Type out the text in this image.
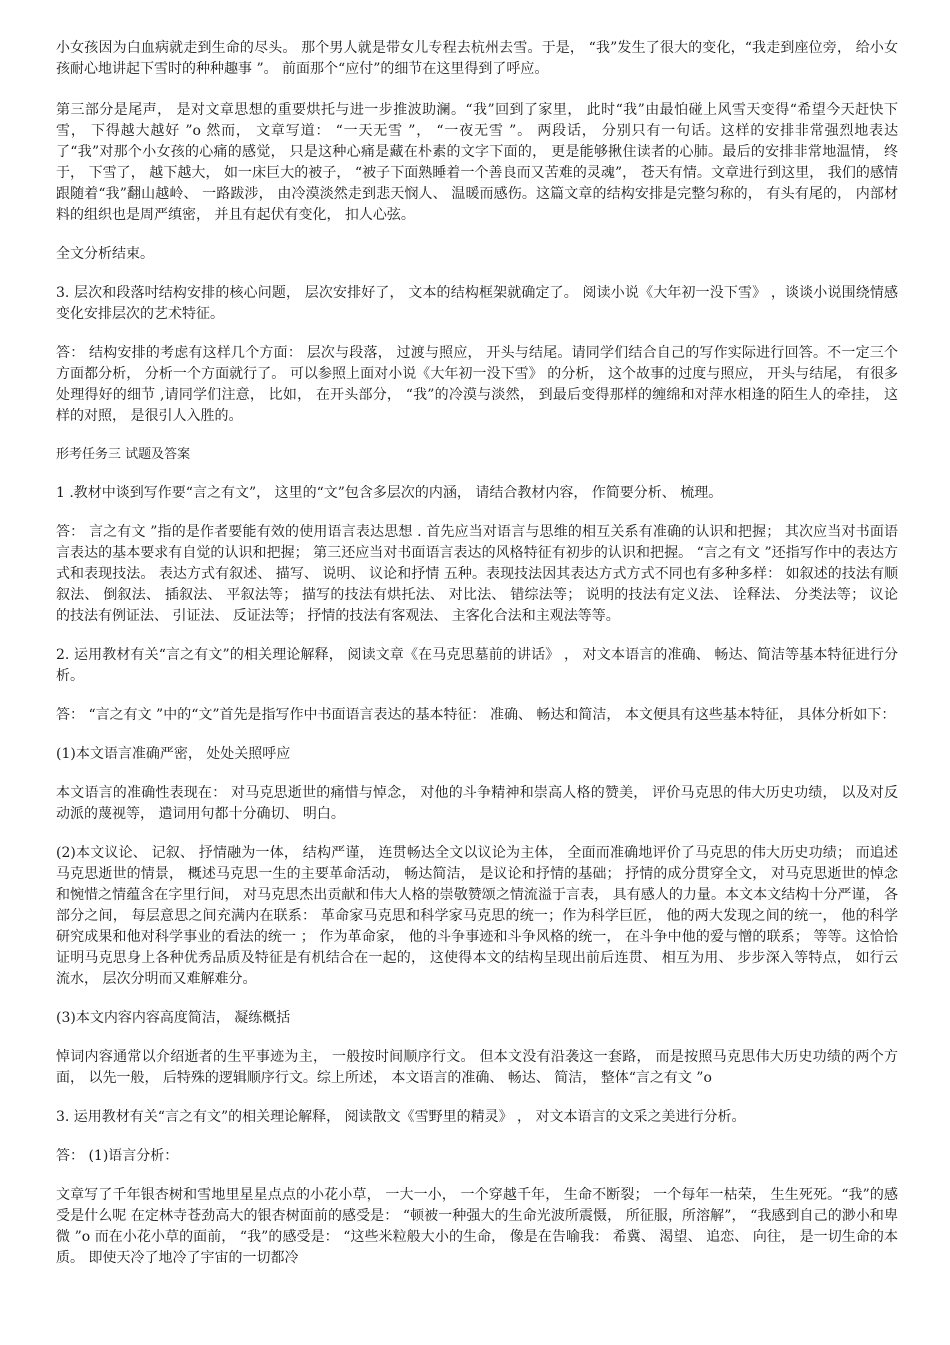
小女孩因为白血病就走到生命的尽头。 那个男人就是带女儿专程去杭州去雪。于是， “我”发生了很大的变化，“我走到座位旁， 给小女孩耐心地讲起下雪时的种种趣事 ”。 前面那个“应付”的细节在这里得到了呼应。

第三部分是尾声， 是对文章思想的重要烘托与进一步推波助澜。“我”回到了家里， 此时“我”由最怕碰上风雪天变得“希望今天赶快下雪， 下得越大越好 ”o 然而， 文章写道： “一天无雪 ”， “一夜无雪 ”。 两段话， 分别只有一句话。这样的安排非常强烈地表达了“我”对那个小女孩的心痛的感觉， 只是这种心痛是藏在朴素的文字下面的， 更是能够揪住读者的心肺。最后的安排非常地温情， 终于， 下雪了， 越下越大， 如一床巨大的被子， “被子下面熟睡着一个善良而又苦难的灵魂”， 苍天有情。文章进行到这里， 我们的感情跟随着“我”翻山越岭、 一路跋涉， 由冷漠淡然走到悲天悯人、 温暖而感伤。这篇文章的结构安排是完整匀称的， 有头有尾的， 内部材料的组织也是周严缜密， 并且有起伏有变化， 扣人心弦。

全文分析结束。

3. 层次和段落吋结构安排的核心问题， 层次安排好了， 文本的结构框架就确定了。 阅读小说《大年初一没下雪》 ，谈谈小说围绕情感变化安排层次的艺术特征。

答： 结构安排的考虑有这样几个方面： 层次与段落， 过渡与照应， 开头与结尾。请同学们结合自己的写作实际进行回答。不一定三个方面都分析， 分析一个方面就行了。 可以参照上面对小说《大年初一没下雪》 的分析， 这个故事的过度与照应， 开头与结尾， 有很多处理得好的细节 ,请同学们注意， 比如， 在开头部分， “我”的冷漠与淡然， 到最后变得那样的缠绵和对萍水相逢的陌生人的牵挂， 这样的对照， 是很引人入胜的。

形考任务三 试题及答案

1 .教材中谈到写作要“言之有文”， 这里的“文”包含多层次的内涵， 请结合教材内容， 作简要分析、 梳理。

答： 言之有文 ”指的是作者要能有效的使用语言表达思想 . 首先应当对语言与思维的相互关系有准确的认识和把握； 其次应当对书面语言表达的基本要求有自觉的认识和把握； 第三还应当对书面语言表达的风格特征有初步的认识和把握。 “言之有文 ”还指写作中的表达方式和表现技法。 表达方式有叙述、 描写、 说明、 议论和抒情 五种。表现技法因其表达方式方式不同也有多种多样： 如叙述的技法有顺叙法、 倒叙法、 插叙法、 平叙法等； 描写的技法有烘托法、 对比法、 错综法等； 说明的技法有定义法、 诠释法、 分类法等； 议论的技法有例证法、 引证法、 反证法等； 抒情的技法有客观法、 主客化合法和主观法等等。

2. 运用教材有关“言之有文”的相关理论解释， 阅读文章《在马克思墓前的讲话》 ， 对文本语言的准确、 畅达、简洁等基本特征进行分析。

答： “言之有文 ”中的“文”首先是指写作中书面语言表达的基本特征： 准确、 畅达和简洁， 本文便具有这些基本特征， 具体分析如下：

(1)本文语言准确严密， 处处关照呼应

本文语言的准确性表现在： 对马克思逝世的痛惜与悼念， 对他的斗争精神和崇高人格的赞美， 评价马克思的伟大历史功绩， 以及对反动派的蔑视等， 遣词用句都十分确切、 明白。

(2)本文议论、 记叙、 抒情融为一体， 结构严谨， 连贯畅达全文以议论为主体， 全面而准确地评价了马克思的伟大历史功绩； 而追述马克思逝世的情景， 概述马克思一生的主要革命活动， 畅达简洁， 是议论和抒情的基础； 抒情的成分贯穿全文， 对马克思逝世的悼念和惋惜之情蕴含在字里行间， 对马克思杰出贡献和伟大人格的崇敬赞颂之情流溢于言表， 具有感人的力量。本文本文结构十分严谨， 各部分之间， 每层意思之间充满内在联系： 革命家马克思和科学家马克思的统一；作为科学巨匠， 他的两大发现之间的统一， 他的科学研究成果和他对科学事业的看法的统一 ； 作为革命家， 他的斗争事迹和斗争风格的统一， 在斗争中他的爱与憎的联系； 等等。这恰恰证明马克思身上各种优秀品质及特征是有机结合在一起的， 这使得本文的结构呈现出前后连贯、 相互为用、 步步深入等特点， 如行云流水， 层次分明而又难解难分。

(3)本文内容内容高度简洁， 凝练概括

悼词内容通常以介绍逝者的生平事迹为主， 一般按时间顺序行文。 但本文没有沿袭这一套路， 而是按照马克思伟大历史功绩的两个方面， 以先一般， 后特殊的逻辑顺序行文。综上所述， 本文语言的准确、 畅达、 简洁， 整体“言之有文 ”o

3. 运用教材有关“言之有文”的相关理论解释， 阅读散文《雪野里的精灵》 ， 对文本语言的文采之美进行分析。

答： (1)语言分析：

文章写了千年银杏树和雪地里星星点点的小花小草， 一大一小， 一个穿越千年， 生命不断裂； 一个每年一枯荣， 生生死死。“我”的感受是什么呢 在定林寺苍劲高大的银杏树面前的感受是： “顿被一种强大的生命光波所震慑， 所征服，所溶解”， “我感到自己的渺小和卑微 ”o 而在小花小草的面前， “我”的感受是： “这些米粒般大小的生命， 像是在告喻我： 希冀、 渴望、 追恋、 向往， 是一切生命的本质。 即使天冷了地冷了宇宙的一切都冷
